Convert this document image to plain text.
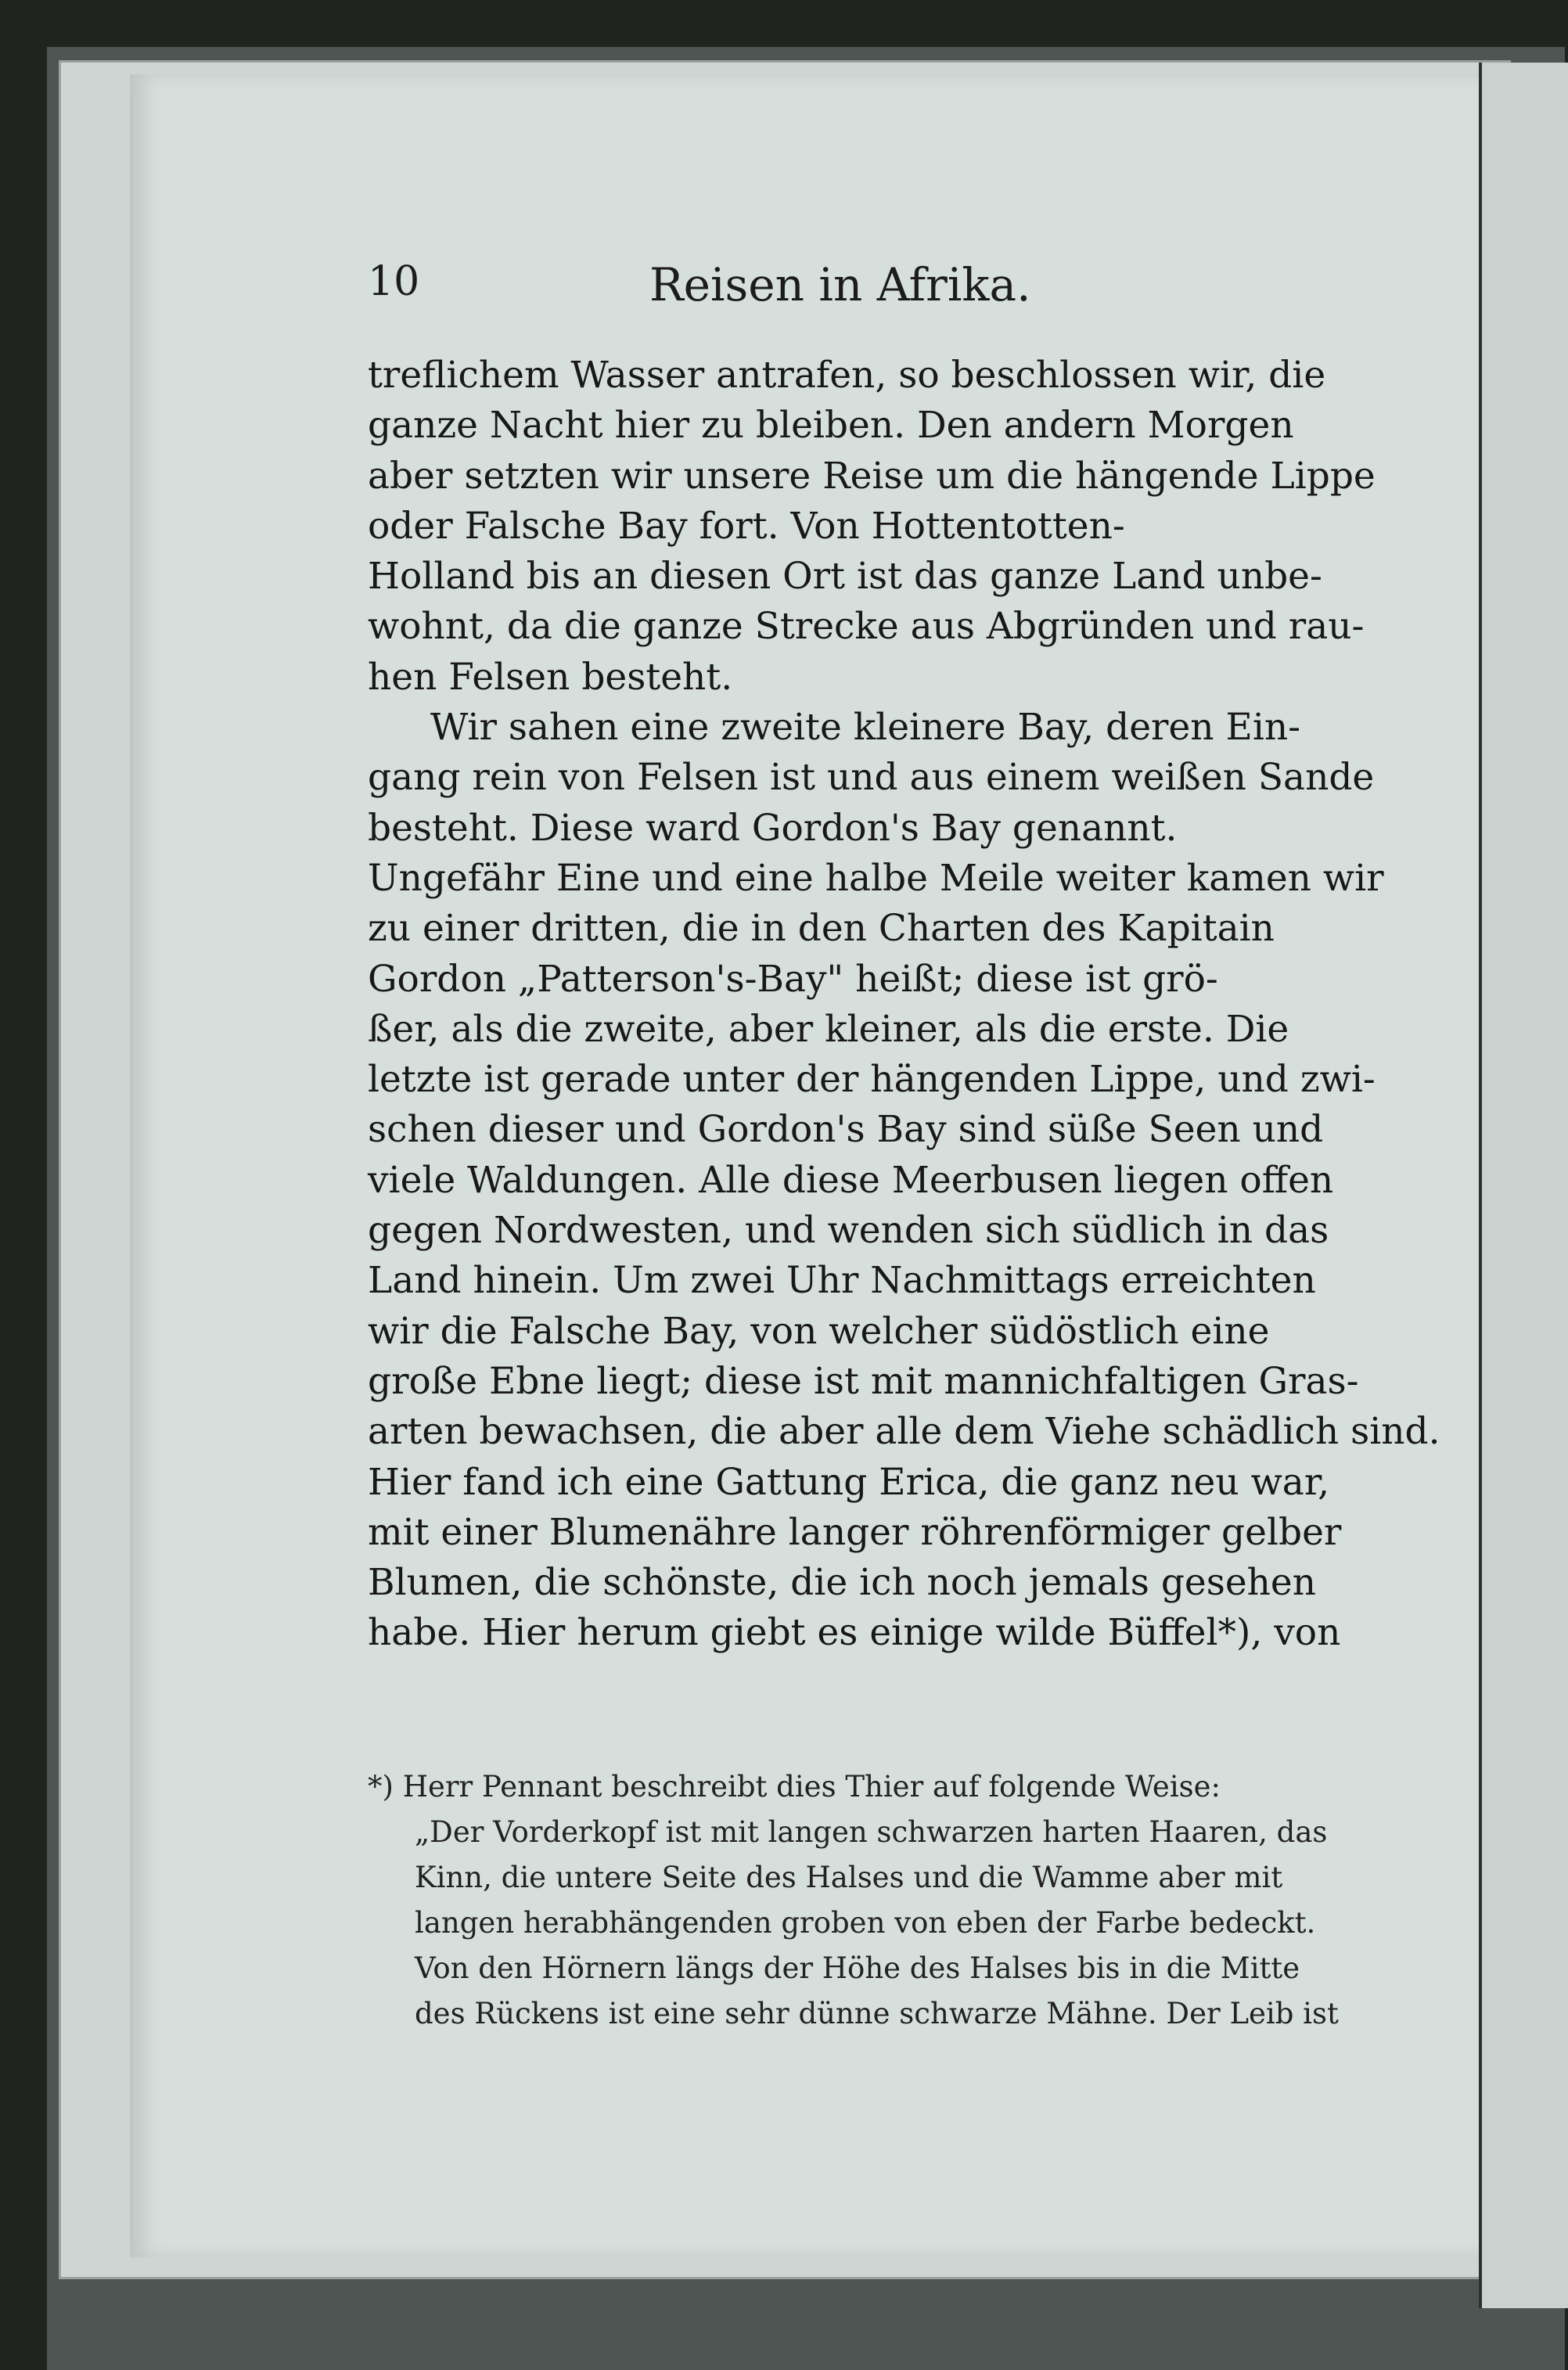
10	Reisen in Afrika.
treflichem Wasser antrafen, so beschlossen wir, die
ganze Nacht hier zu bleiben. Den andern Morgen
aber setzten wir unsere Reise um die hängende Lippe
oder Falsche Bay fort. Von Hottentotten-
Holland bis an diesen Ort ist das ganze Land unbe-
wohnt, da die ganze Strecke aus Abgründen und rau-
hen Felsen besteht.
Wir sahen eine zweite kleinere Bay, deren Ein-
gang rein von Felsen ist und aus einem weißen Sande
besteht. Diese ward Gordon's Bay genannt.
Ungefähr Eine und eine halbe Meile weiter kamen wir
zu einer dritten, die in den Charten des Kapitain
Gordon „Patterson's-Bay" heißt; diese ist grö-
ßer, als die zweite, aber kleiner, als die erste. Die
letzte ist gerade unter der hängenden Lippe, und zwi-
schen dieser und Gordon's Bay sind süße Seen und
viele Waldungen. Alle diese Meerbusen liegen offen
gegen Nordwesten, und wenden sich südlich in das
Land hinein. Um zwei Uhr Nachmittags erreichten
wir die Falsche Bay, von welcher südöstlich eine
große Ebne liegt; diese ist mit mannichfaltigen Gras-
arten bewachsen, die aber alle dem Viehe schädlich sind.
Hier fand ich eine Gattung Erica, die ganz neu war,
mit einer Blumenähre langer röhrenförmiger gelber
Blumen, die schönste, die ich noch jemals gesehen
habe. Hier herum giebt es einige wilde Büffel*), von
*) Herr Pennant beschreibt dies Thier auf folgende Weise:
„Der Vorderkopf ist mit langen schwarzen harten Haaren, das
Kinn, die untere Seite des Halses und die Wamme aber mit
langen herabhängenden groben von eben der Farbe bedeckt.
Von den Hörnern längs der Höhe des Halses bis in die Mitte
des Rückens ist eine sehr dünne schwarze Mähne. Der Leib ist
